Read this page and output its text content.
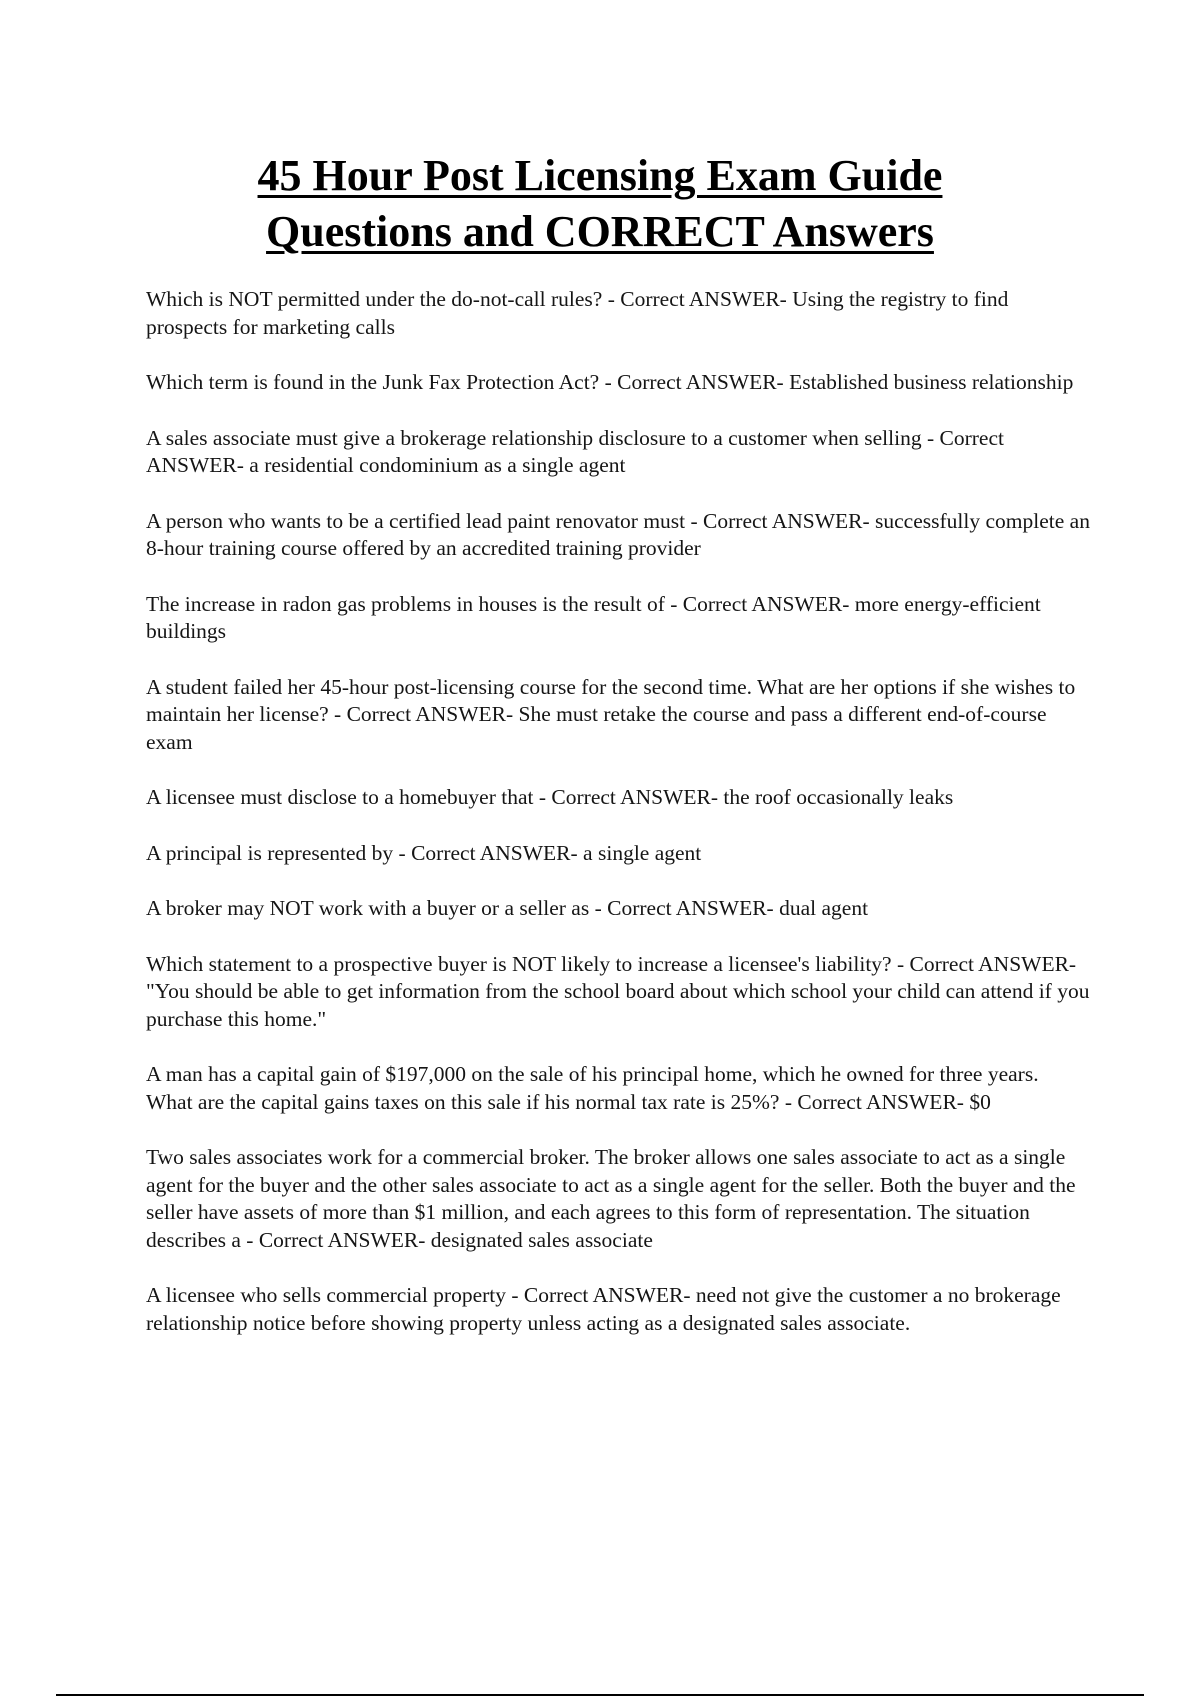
45 Hour Post Licensing Exam Guide
Questions and CORRECT Answers

Which is NOT permitted under the do-not-call rules? - Correct ANSWER- Using the registry to find prospects for marketing calls

Which term is found in the Junk Fax Protection Act? - Correct ANSWER- Established business relationship

A sales associate must give a brokerage relationship disclosure to a customer when selling - Correct ANSWER- a residential condominium as a single agent

A person who wants to be a certified lead paint renovator must - Correct ANSWER- successfully complete an 8-hour training course offered by an accredited training provider

The increase in radon gas problems in houses is the result of - Correct ANSWER- more energy-efficient buildings

A student failed her 45-hour post-licensing course for the second time. What are her options if she wishes to maintain her license? - Correct ANSWER- She must retake the course and pass a different end-of-course exam

A licensee must disclose to a homebuyer that - Correct ANSWER- the roof occasionally leaks

A principal is represented by - Correct ANSWER- a single agent

A broker may NOT work with a buyer or a seller as - Correct ANSWER- dual agent

Which statement to a prospective buyer is NOT likely to increase a licensee's liability? - Correct ANSWER- "You should be able to get information from the school board about which school your child can attend if you purchase this home."

A man has a capital gain of $197,000 on the sale of his principal home, which he owned for three years. What are the capital gains taxes on this sale if his normal tax rate is 25%? - Correct ANSWER- $0

Two sales associates work for a commercial broker. The broker allows one sales associate to act as a single agent for the buyer and the other sales associate to act as a single agent for the seller. Both the buyer and the seller have assets of more than $1 million, and each agrees to this form of representation. The situation describes a - Correct ANSWER- designated sales associate

A licensee who sells commercial property - Correct ANSWER- need not give the customer a no brokerage relationship notice before showing property unless acting as a designated sales associate.
